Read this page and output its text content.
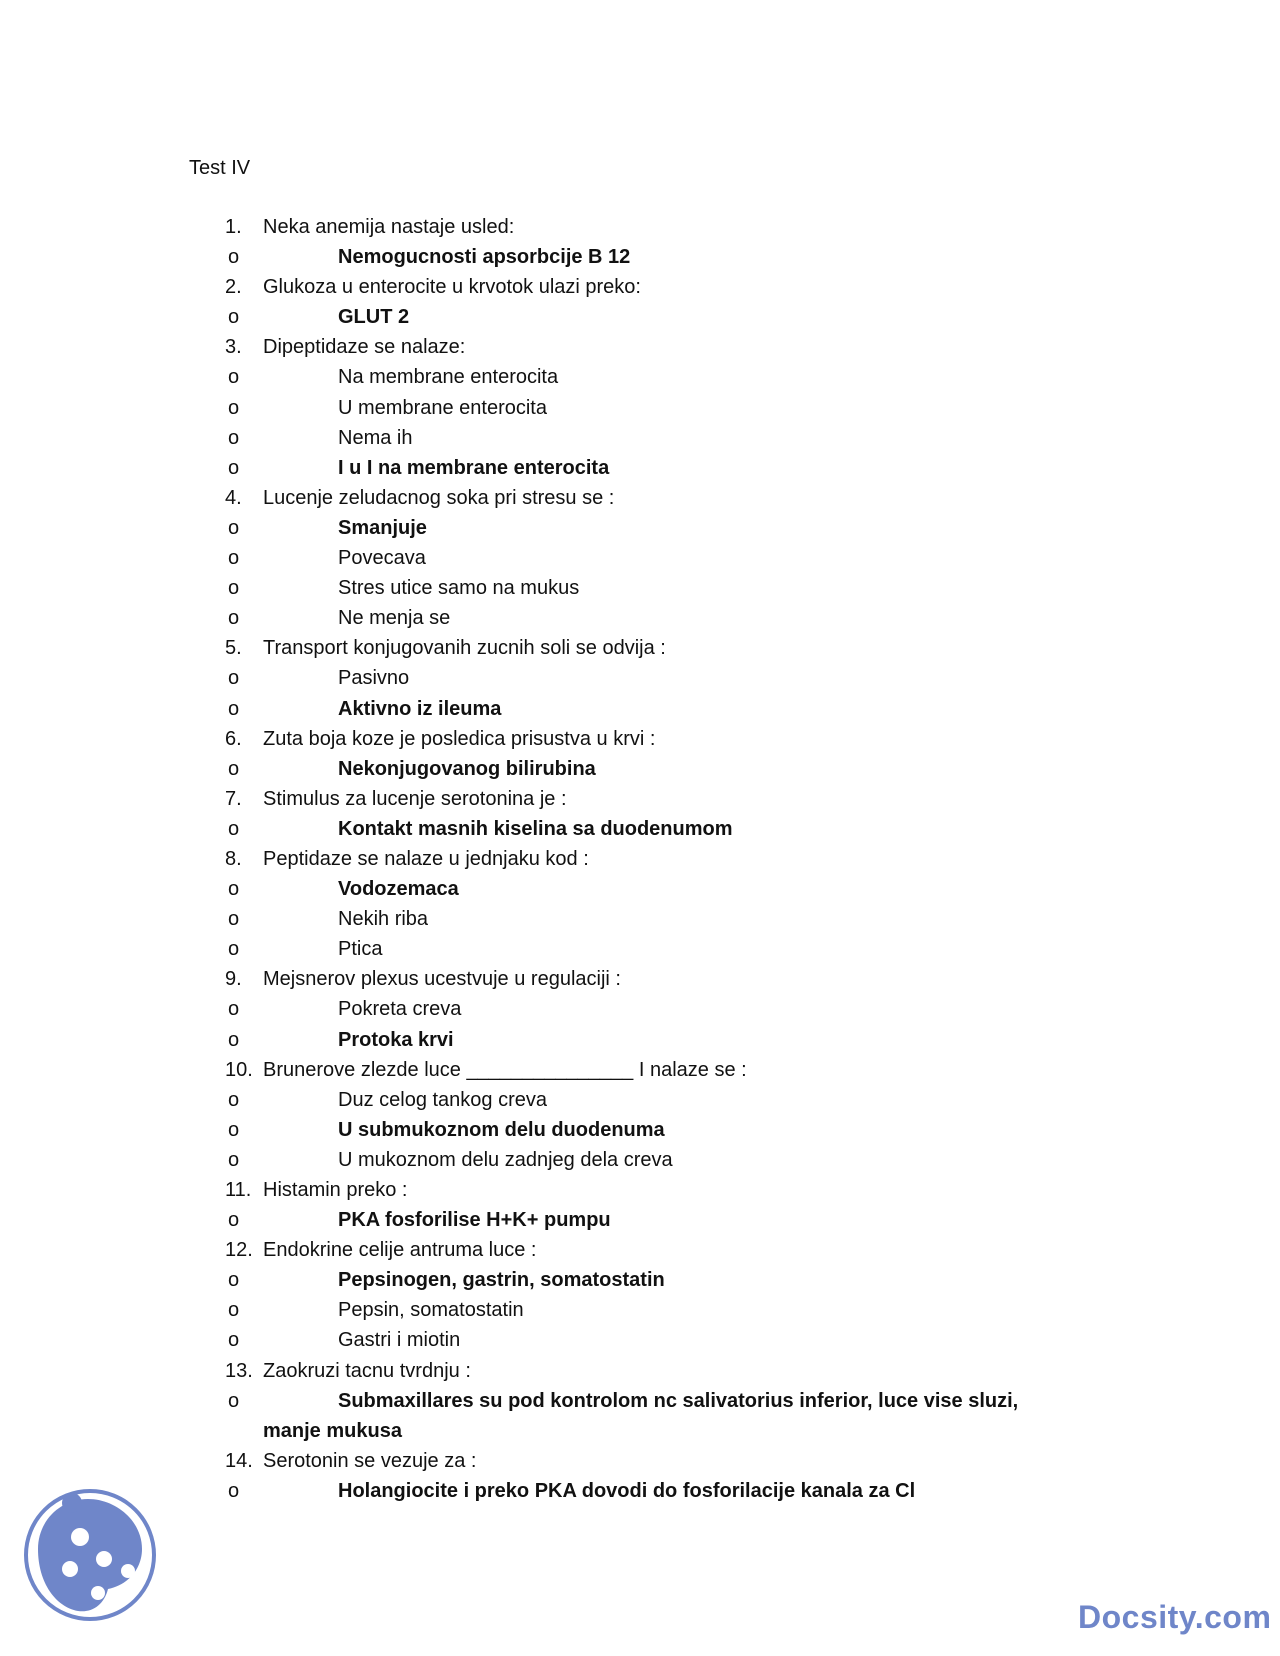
Test IV
1. Neka anemija nastaje usled:
o	Nemogucnosti apsorbcije B 12
2. Glukoza u enterocite u krvotok ulazi preko:
o	GLUT 2
3. Dipeptidaze se nalaze:
o	Na membrane enterocita
o	U membrane enterocita
o	Nema ih
o	I u I na membrane enterocita
4. Lucenje zeludacnog soka pri stresu se :
o	Smanjuje
o	Povecava
o	Stres utice samo na mukus
o	Ne menja se
5. Transport konjugovanih zucnih soli se odvija :
o	Pasivno
o	Aktivno iz ileuma
6. Zuta boja koze je posledica prisustva u krvi :
o	Nekonjugovanog bilirubina
7. Stimulus za lucenje serotonina je :
o	Kontakt masnih kiselina sa duodenumom
8. Peptidaze se nalaze u jednjaku kod :
o	Vodozemaca
o	Nekih riba
o	Ptica
9. Mejsnerov plexus ucestvuje u regulaciji :
o	Pokreta creva
o	Protoka krvi
10. Brunerove zlezde luce _______________ I nalaze se :
o	Duz celog tankog creva
o	U submukoznom delu duodenuma
o	U mukoznom delu zadnjeg dela creva
11. Histamin preko :
o	PKA fosforilise H+K+ pumpu
12. Endokrine celije antruma luce :
o	Pepsinogen, gastrin, somatostatin
o	Pepsin, somatostatin
o	Gastri i miotin
13. Zaokruzi tacnu tvrdnju :
o	Submaxillares su pod kontrolom nc salivatorius inferior, luce vise sluzi,
manje mukusa
14. Serotonin se vezuje za :
o	Holangiocite i preko PKA dovodi do fosforilacije kanala za Cl
Docsity.com
